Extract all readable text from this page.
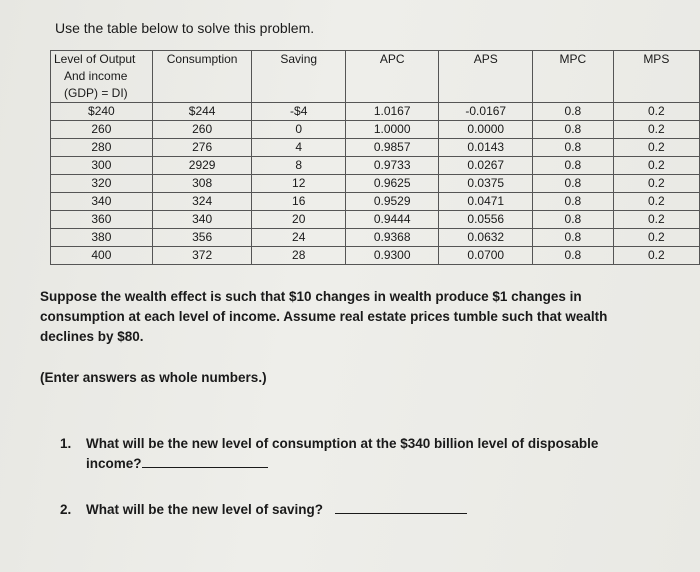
Use the table below to solve this problem.
Level of Output
And income
(GDP) = DI)	Consumption	Saving	APC	APS	MPC	MPS
$240	$244	-$4	1.0167	-0.0167	0.8	0.2
260	260	0	1.0000	0.0000	0.8	0.2
280	276	4	0.9857	0.0143	0.8	0.2
300	2929	8	0.9733	0.0267	0.8	0.2
320	308	12	0.9625	0.0375	0.8	0.2
340	324	16	0.9529	0.0471	0.8	0.2
360	340	20	0.9444	0.0556	0.8	0.2
380	356	24	0.9368	0.0632	0.8	0.2
400	372	28	0.9300	0.0700	0.8	0.2
Suppose the wealth effect is such that $10 changes in wealth produce $1 changes in consumption at each level of income. Assume real estate prices tumble such that wealth declines by $80.
(Enter answers as whole numbers.)
1. What will be the new level of consumption at the $340 billion level of disposable
income?
2. What will be the new level of saving?
